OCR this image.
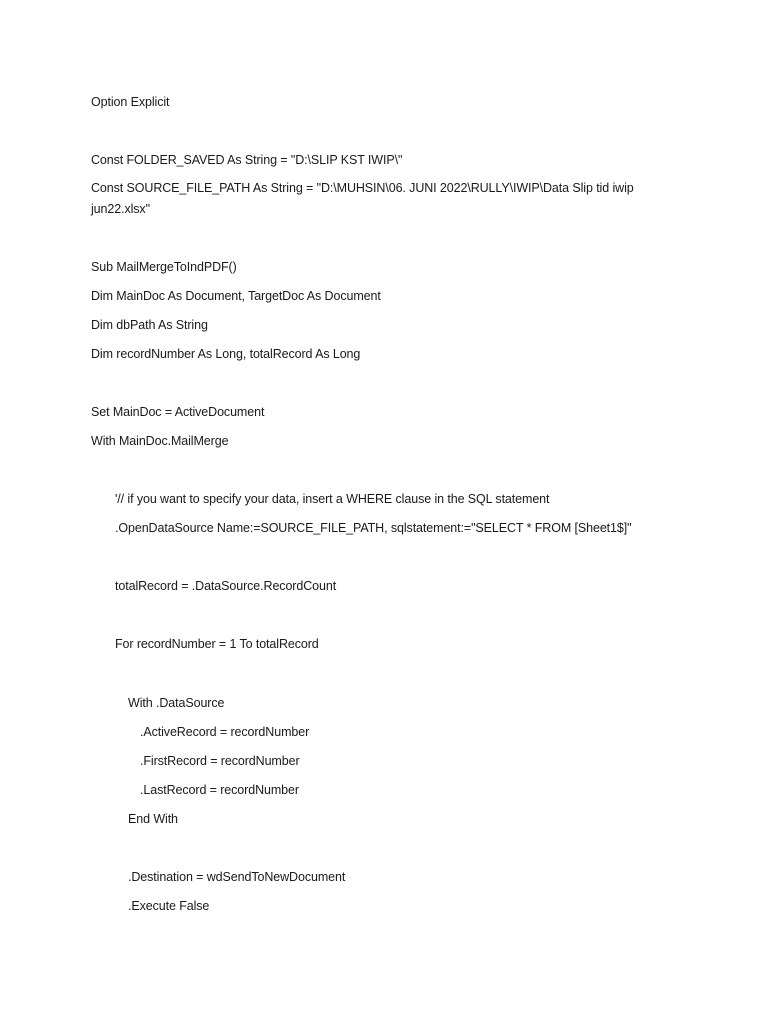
Option Explicit
Const FOLDER_SAVED As String = "D:\SLIP KST IWIP\"
Const SOURCE_FILE_PATH As String = "D:\MUHSIN\06. JUNI 2022\RULLY\IWIP\Data Slip tid iwip jun22.xlsx"
Sub MailMergeToIndPDF()
Dim MainDoc As Document, TargetDoc As Document
Dim dbPath As String
Dim recordNumber As Long, totalRecord As Long
Set MainDoc = ActiveDocument
With MainDoc.MailMerge
'// if you want to specify your data, insert a WHERE clause in the SQL statement
.OpenDataSource Name:=SOURCE_FILE_PATH, sqlstatement:="SELECT * FROM [Sheet1$]"
totalRecord = .DataSource.RecordCount
For recordNumber = 1 To totalRecord
With .DataSource
.ActiveRecord = recordNumber
.FirstRecord = recordNumber
.LastRecord = recordNumber
End With
.Destination = wdSendToNewDocument
.Execute False
